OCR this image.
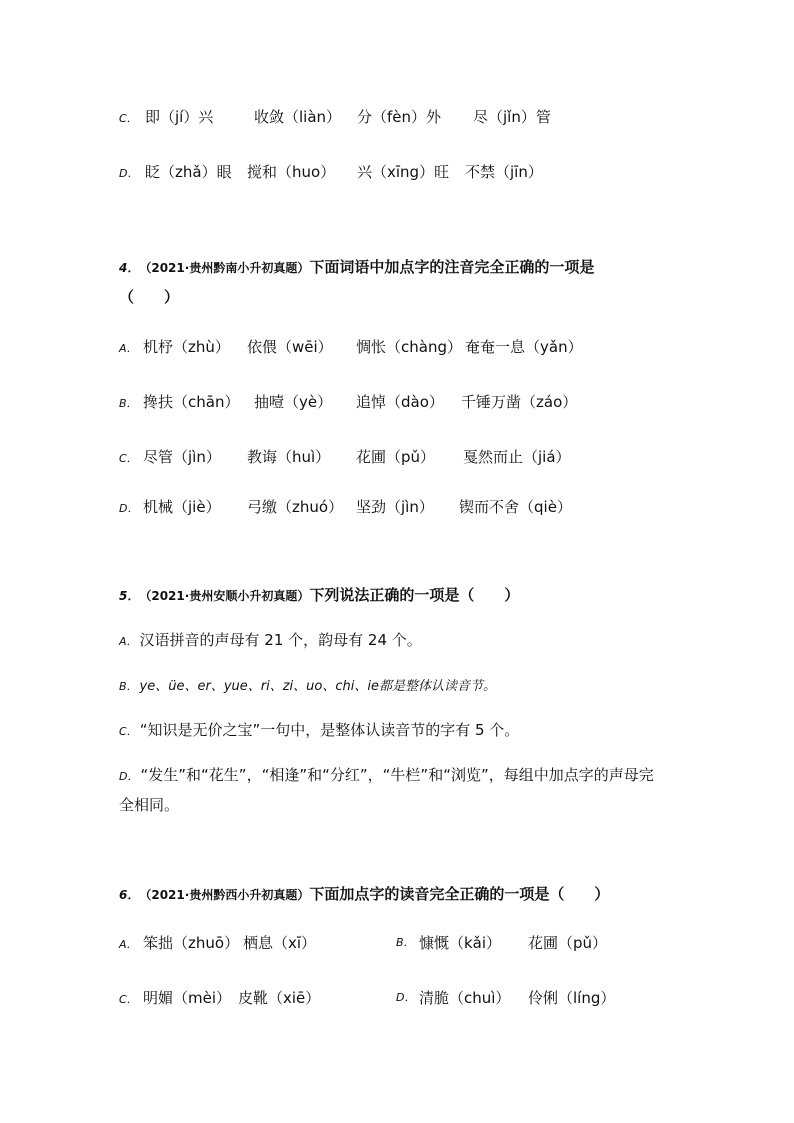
C． 即（jí）兴	收敛（liàn） 分（fèn）外 尽（jǐn）管
D． 眨（zhǎ）眼 搅和（huo） 兴（xīng）旺 不禁（jīn）
4． （2021·贵州黔南小升初真题）下面词语中加点字的注音完全正确的一项是
（　　）
A． 机杼（zhù） 依偎（wēi） 惆怅（chàng） 奄奄一息（yǎn）
B． 搀扶（chān） 抽噎（yè） 追悼（dào） 千锤万凿（záo）
C． 尽管（jìn） 教诲（huì） 花圃（pǔ） 戛然而止（jiá）
D． 机械（jiè） 弓缴（zhuó） 坚劲（jìn） 锲而不舍（qiè）
5． （2021·贵州安顺小升初真题）下列说法正确的一项是（　　）
A． 汉语拼音的声母有 21 个，韵母有 24 个。
B． ye、üe、er、yue、ri、zi、uo、chi、ie都是整体认读音节。
C． “知识是无价之宝”一句中，是整体认读音节的字有 5 个。
D． “发生”和“花生”，“相逢”和“分红”，“牛栏”和“浏览”，每组中加点字的声母完
全相同。
6． （2021·贵州黔西小升初真题）下面加点字的读音完全正确的一项是（　　）
A． 笨拙（zhuō） 栖息（xī）	B． 慷慨（kǎi） 花圃（pǔ）
C． 明媚（mèi） 皮靴（xiē）	D． 清脆（chuì） 伶俐（líng）
